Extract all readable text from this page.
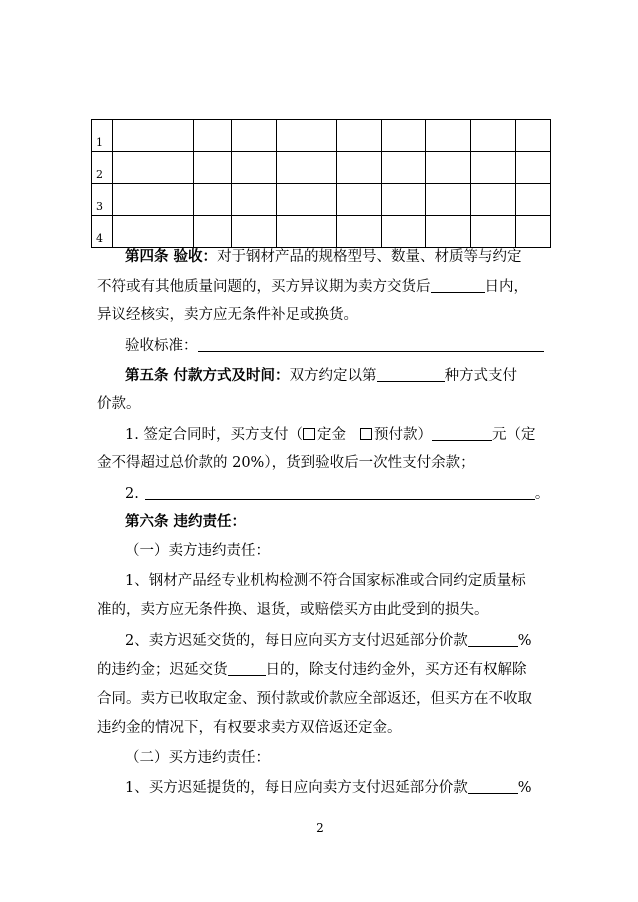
1									
2									
3									
4									
第四条 验收：对于钢材产品的规格型号、数量、材质等与约定
不符或有其他质量问题的，买方异议期为卖方交货后	日内，
异议经核实，卖方应无条件补足或换货。
验收标准：
第五条 付款方式及时间：双方约定以第	种方式支付
价款。
1. 签定合同时，买方支付（ 定金 预付款）	元（定
金不得超过总价款的 20%），货到验收后一次性支付余款；
2.	。
第六条 违约责任：
（一）卖方违约责任：
1、钢材产品经专业机构检测不符合国家标准或合同约定质量标
准的，卖方应无条件换、退货，或赔偿买方由此受到的损失。
2、卖方迟延交货的，每日应向买方支付迟延部分价款	%
的违约金；迟延交货	日的，除支付违约金外，买方还有权解除
合同。卖方已收取定金、预付款或价款应全部返还，但买方在不收取
违约金的情况下，有权要求卖方双倍返还定金。
（二）买方违约责任：
1、买方迟延提货的，每日应向卖方支付迟延部分价款	%
2
